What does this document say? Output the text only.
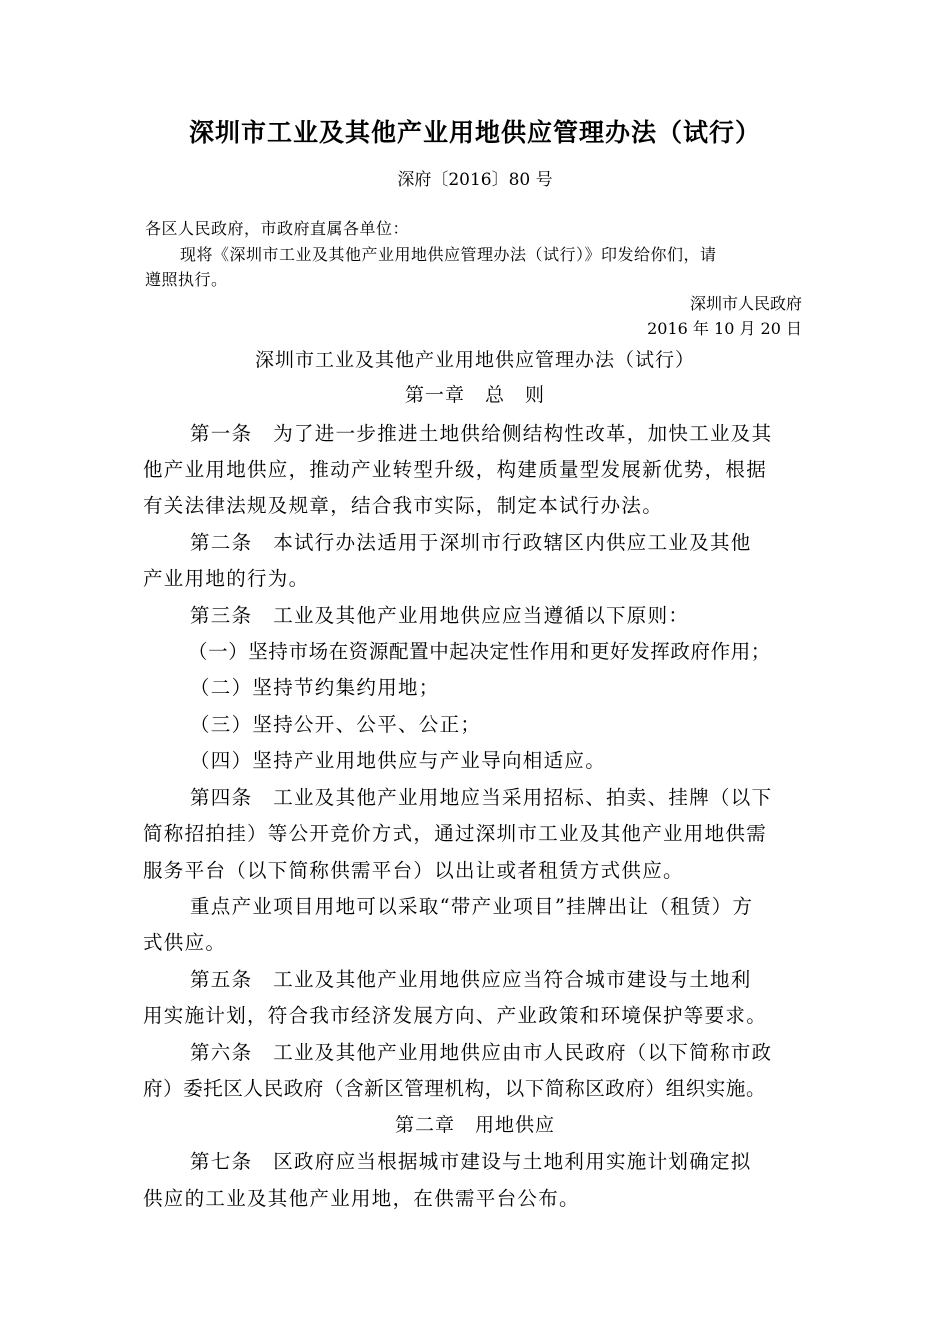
深圳市工业及其他产业用地供应管理办法（试行）

深府〔2016〕80 号

各区人民政府，市政府直属各单位：

现将《深圳市工业及其他产业用地供应管理办法（试行）》印发给你们，请

遵照执行。

深圳市人民政府

2016 年 10 月 20 日

深圳市工业及其他产业用地供应管理办法（试行）

第一章　总　则

第一条　为了进一步推进土地供给侧结构性改革，加快工业及其

他产业用地供应，推动产业转型升级，构建质量型发展新优势，根据

有关法律法规及规章，结合我市实际，制定本试行办法。

第二条　本试行办法适用于深圳市行政辖区内供应工业及其他

产业用地的行为。

第三条　工业及其他产业用地供应应当遵循以下原则：

（一）坚持市场在资源配置中起决定性作用和更好发挥政府作用；

（二）坚持节约集约用地；

（三）坚持公开、公平、公正；

（四）坚持产业用地供应与产业导向相适应。

第四条　工业及其他产业用地应当采用招标、拍卖、挂牌（以下

简称招拍挂）等公开竞价方式，通过深圳市工业及其他产业用地供需

服务平台（以下简称供需平台）以出让或者租赁方式供应。

重点产业项目用地可以采取“带产业项目”挂牌出让（租赁）方

式供应。

第五条　工业及其他产业用地供应应当符合城市建设与土地利

用实施计划，符合我市经济发展方向、产业政策和环境保护等要求。

第六条　工业及其他产业用地供应由市人民政府（以下简称市政

府）委托区人民政府（含新区管理机构，以下简称区政府）组织实施。

第二章　用地供应

第七条　区政府应当根据城市建设与土地利用实施计划确定拟

供应的工业及其他产业用地，在供需平台公布。
